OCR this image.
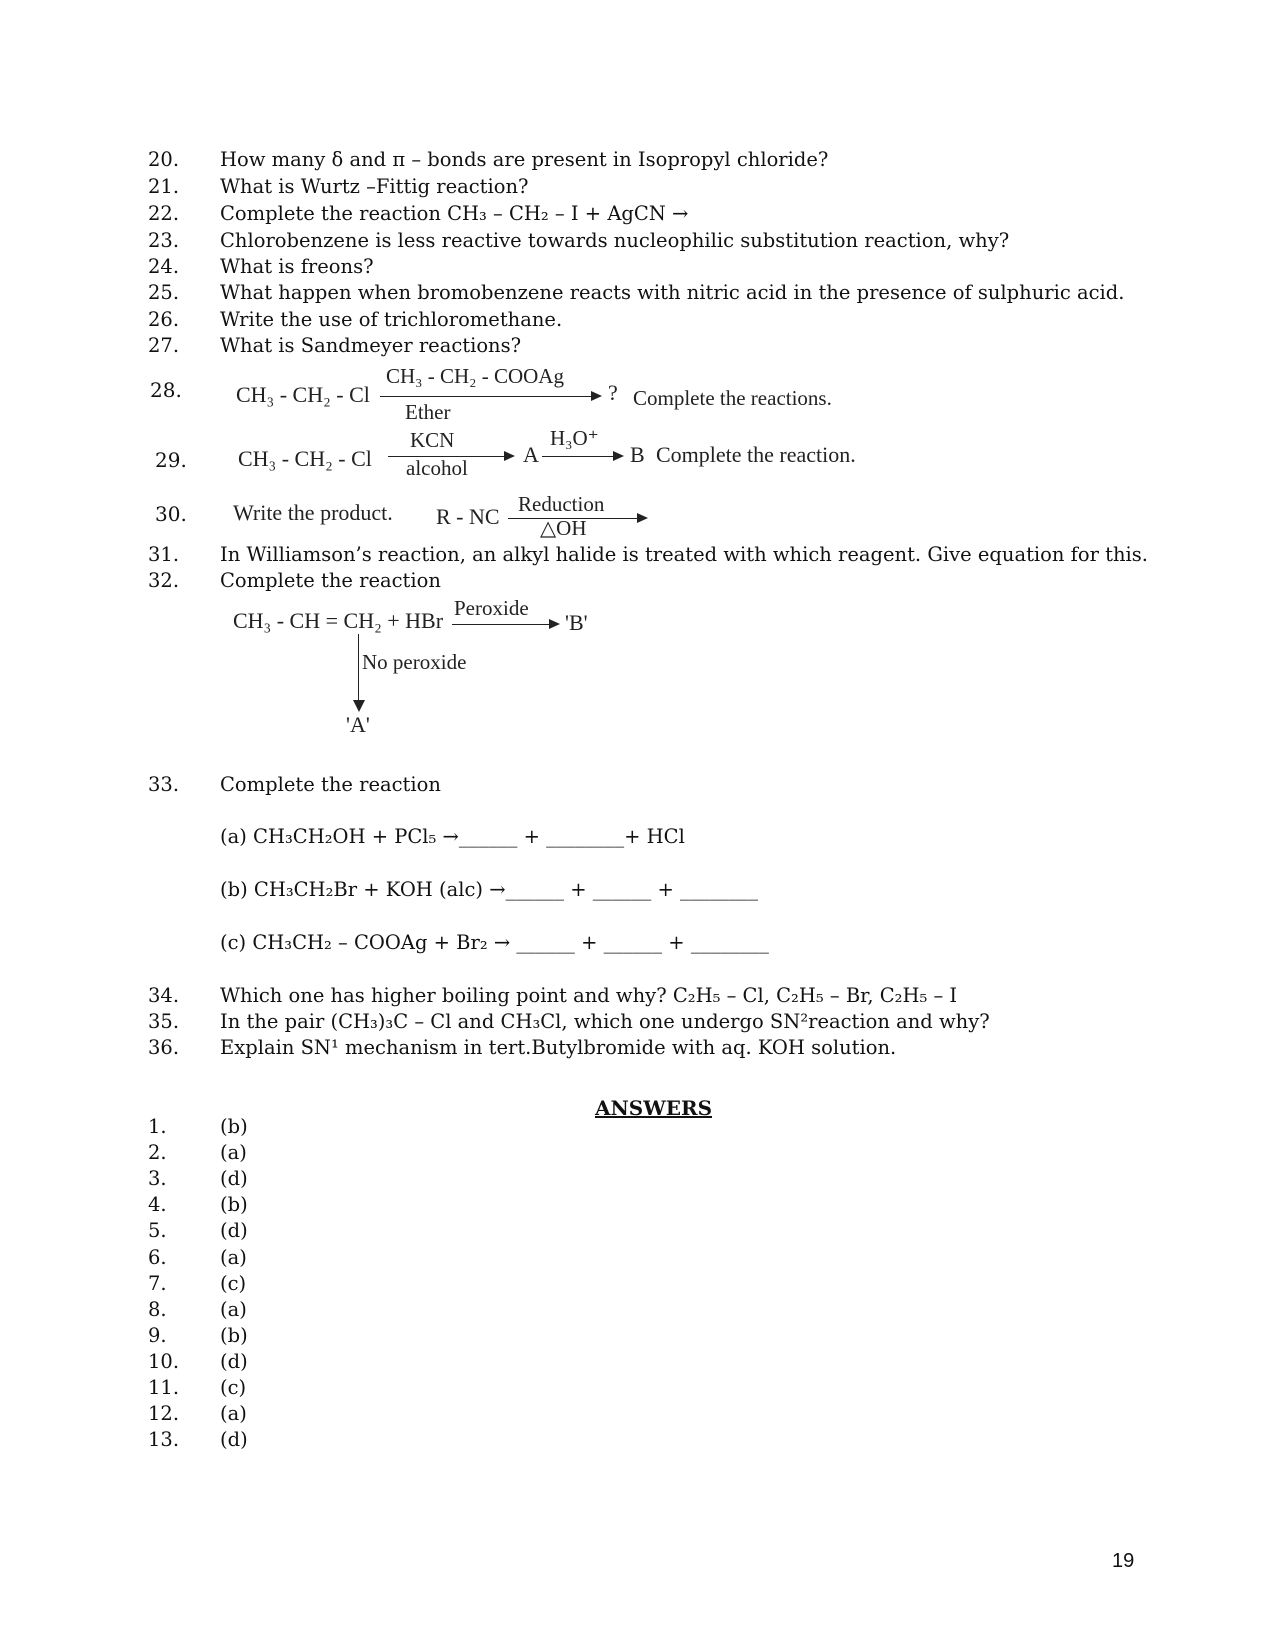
20. How many δ and π – bonds are present in Isopropyl chloride?
21. What is Wurtz –Fittig reaction?
22. Complete the reaction CH₃ – CH₂ – I + AgCN →
23. Chlorobenzene is less reactive towards nucleophilic substitution reaction, why?
24. What is freons?
25. What happen when bromobenzene reacts with nitric acid in the presence of sulphuric acid.
26. Write the use of trichloromethane.
27. What is Sandmeyer reactions?
28. CH₃ - CH₂ - Cl
CH₃ - CH₂ - COOAg
Ether
? Complete the reactions.
29. CH₃ - CH₂ - Cl
KCN
alcohol
A
H₃O⁺
B Complete the reaction.
30. Write the product. R - NC Reduction
△OH
31. In Williamson’s reaction, an alkyl halide is treated with which reagent. Give equation for this.
32. Complete the reaction
CH₃ - CH = CH₂ + HBr Peroxide
'B'
No peroxide
'A'
33. Complete the reaction
(a) CH₃CH₂OH + PCl₅ →______ + ________+ HCl
(b) CH₃CH₂Br + KOH (alc) →______ + ______ + ________
(c) CH₃CH₂ – COOAg + Br₂ → ______ + ______ + ________
34. Which one has higher boiling point and why? C₂H₅ – Cl, C₂H₅ – Br, C₂H₅ – I
35. In the pair (CH₃)₃C – Cl and CH₃Cl, which one undergo SN²reaction and why?
36. Explain SN¹ mechanism in tert.Butylbromide with aq. KOH solution.
ANSWERS
1.	(b)
2.	(a)
3.	(d)
4.	(b)
5.	(d)
6.	(a)
7.	(c)
8.	(a)
9.	(b)
10. (d)
11. (c)
12. (a)
13. (d)
19
